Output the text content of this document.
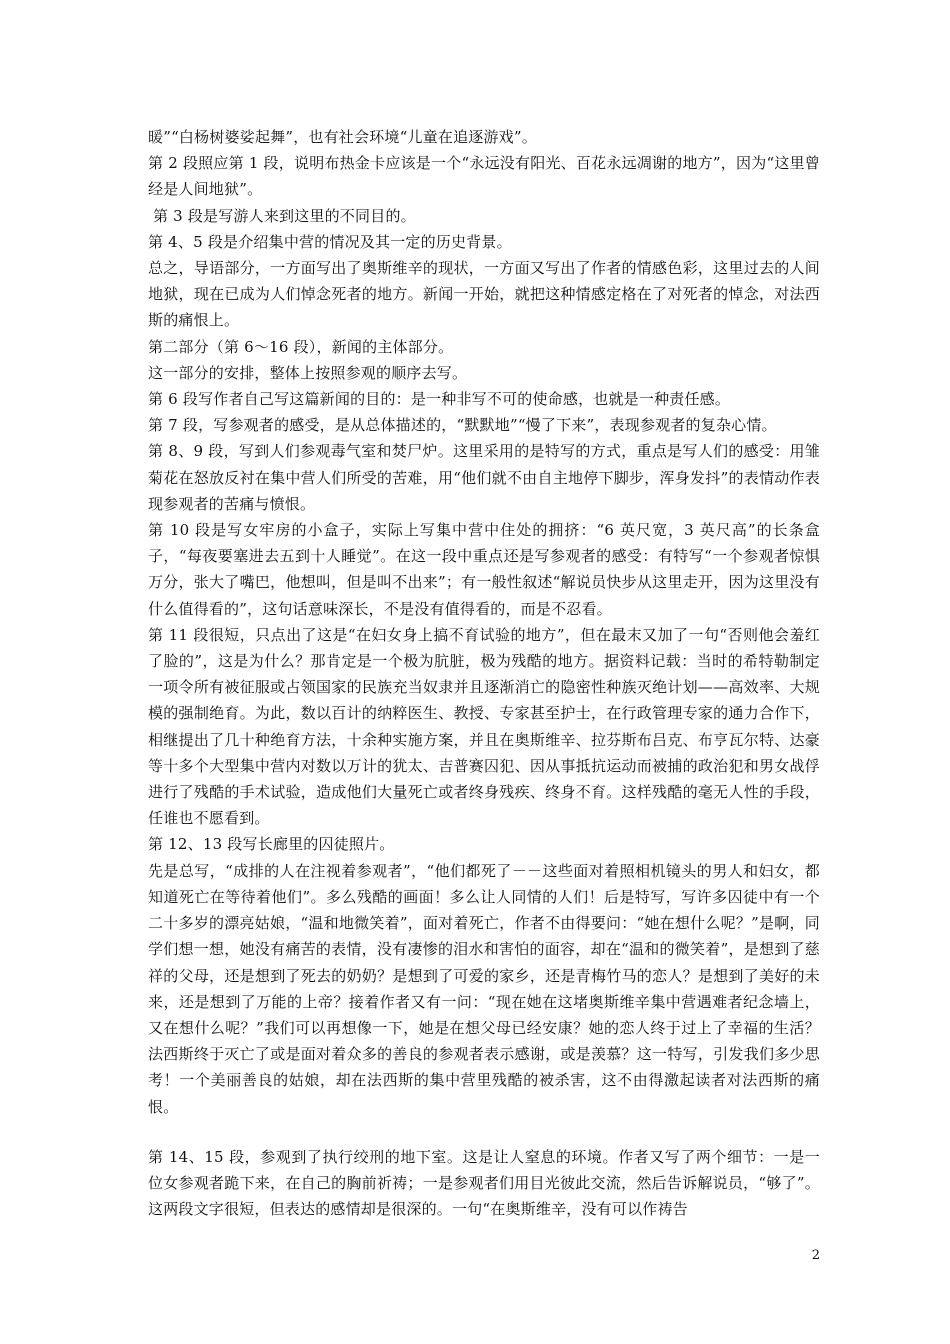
暖”“白杨树婆娑起舞”，也有社会环境“儿童在追逐游戏”。

第 2 段照应第 1 段，说明布热金卡应该是一个“永远没有阳光、百花永远凋谢的地方”，因为“这里曾经是人间地狱”。

第 3 段是写游人来到这里的不同目的。

第 4、5 段是介绍集中营的情况及其一定的历史背景。

总之，导语部分，一方面写出了奥斯维辛的现状，一方面又写出了作者的情感色彩，这里过去的人间地狱，现在已成为人们悼念死者的地方。新闻一开始，就把这种情感定格在了对死者的悼念，对法西斯的痛恨上。

第二部分（第 6～16 段），新闻的主体部分。

这一部分的安排，整体上按照参观的顺序去写。

第 6 段写作者自己写这篇新闻的目的：是一种非写不可的使命感，也就是一种责任感。

第 7 段，写参观者的感受，是从总体描述的，“默默地”“慢了下来”，表现参观者的复杂心情。

第 8、9 段，写到人们参观毒气室和焚尸炉。这里采用的是特写的方式，重点是写人们的感受：用雏菊花在怒放反衬在集中营人们所受的苦难，用“他们就不由自主地停下脚步，浑身发抖”的表情动作表现参观者的苦痛与愤恨。

第 10 段是写女牢房的小盒子，实际上写集中营中住处的拥挤：“6 英尺宽，3 英尺高”的长条盒子，“每夜要塞进去五到十人睡觉”。在这一段中重点还是写参观者的感受：有特写“一个参观者惊惧万分，张大了嘴巴，他想叫，但是叫不出来”；有一般性叙述“解说员快步从这里走开，因为这里没有什么值得看的”，这句话意味深长，不是没有值得看的，而是不忍看。

第 11 段很短，只点出了这是“在妇女身上搞不育试验的地方”，但在最末又加了一句“否则他会羞红了脸的”，这是为什么？那肯定是一个极为肮脏，极为残酷的地方。据资料记载：当时的希特勒制定一项令所有被征服或占领国家的民族充当奴隶并且逐渐消亡的隐密性种族灭绝计划——高效率、大规模的强制绝育。为此，数以百计的纳粹医生、教授、专家甚至护士，在行政管理专家的通力合作下，相继提出了几十种绝育方法，十余种实施方案，并且在奥斯维辛、拉芬斯布吕克、布亨瓦尔特、达豪等十多个大型集中营内对数以万计的犹太、吉普赛囚犯、因从事抵抗运动而被捕的政治犯和男女战俘进行了残酷的手术试验，造成他们大量死亡或者终身残疾、终身不育。这样残酷的毫无人性的手段，任谁也不愿看到。

第 12、13 段写长廊里的囚徒照片。

先是总写，“成排的人在注视着参观者”，“他们都死了－－这些面对着照相机镜头的男人和妇女，都知道死亡在等待着他们”。多么残酷的画面！多么让人同情的人们！后是特写，写许多囚徒中有一个二十多岁的漂亮姑娘，“温和地微笑着”，面对着死亡，作者不由得要问：“她在想什么呢？”是啊，同学们想一想，她没有痛苦的表情，没有凄惨的泪水和害怕的面容，却在“温和的微笑着”，是想到了慈祥的父母，还是想到了死去的奶奶？是想到了可爱的家乡，还是青梅竹马的恋人？是想到了美好的未来，还是想到了万能的上帝？接着作者又有一问：“现在她在这堵奥斯维辛集中营遇难者纪念墙上，又在想什么呢？”我们可以再想像一下，她是在想父母已经安康？她的恋人终于过上了幸福的生活？法西斯终于灭亡了或是面对着众多的善良的参观者表示感谢，或是羡慕？这一特写，引发我们多少思考！一个美丽善良的姑娘，却在法西斯的集中营里残酷的被杀害，这不由得激起读者对法西斯的痛恨。

第 14、15 段，参观到了执行绞刑的地下室。这是让人窒息的环境。作者又写了两个细节：一是一位女参观者跪下来，在自己的胸前祈祷；一是参观者们用目光彼此交流，然后告诉解说员，“够了”。这两段文字很短，但表达的感情却是很深的。一句“在奥斯维辛，没有可以作祷告

2
